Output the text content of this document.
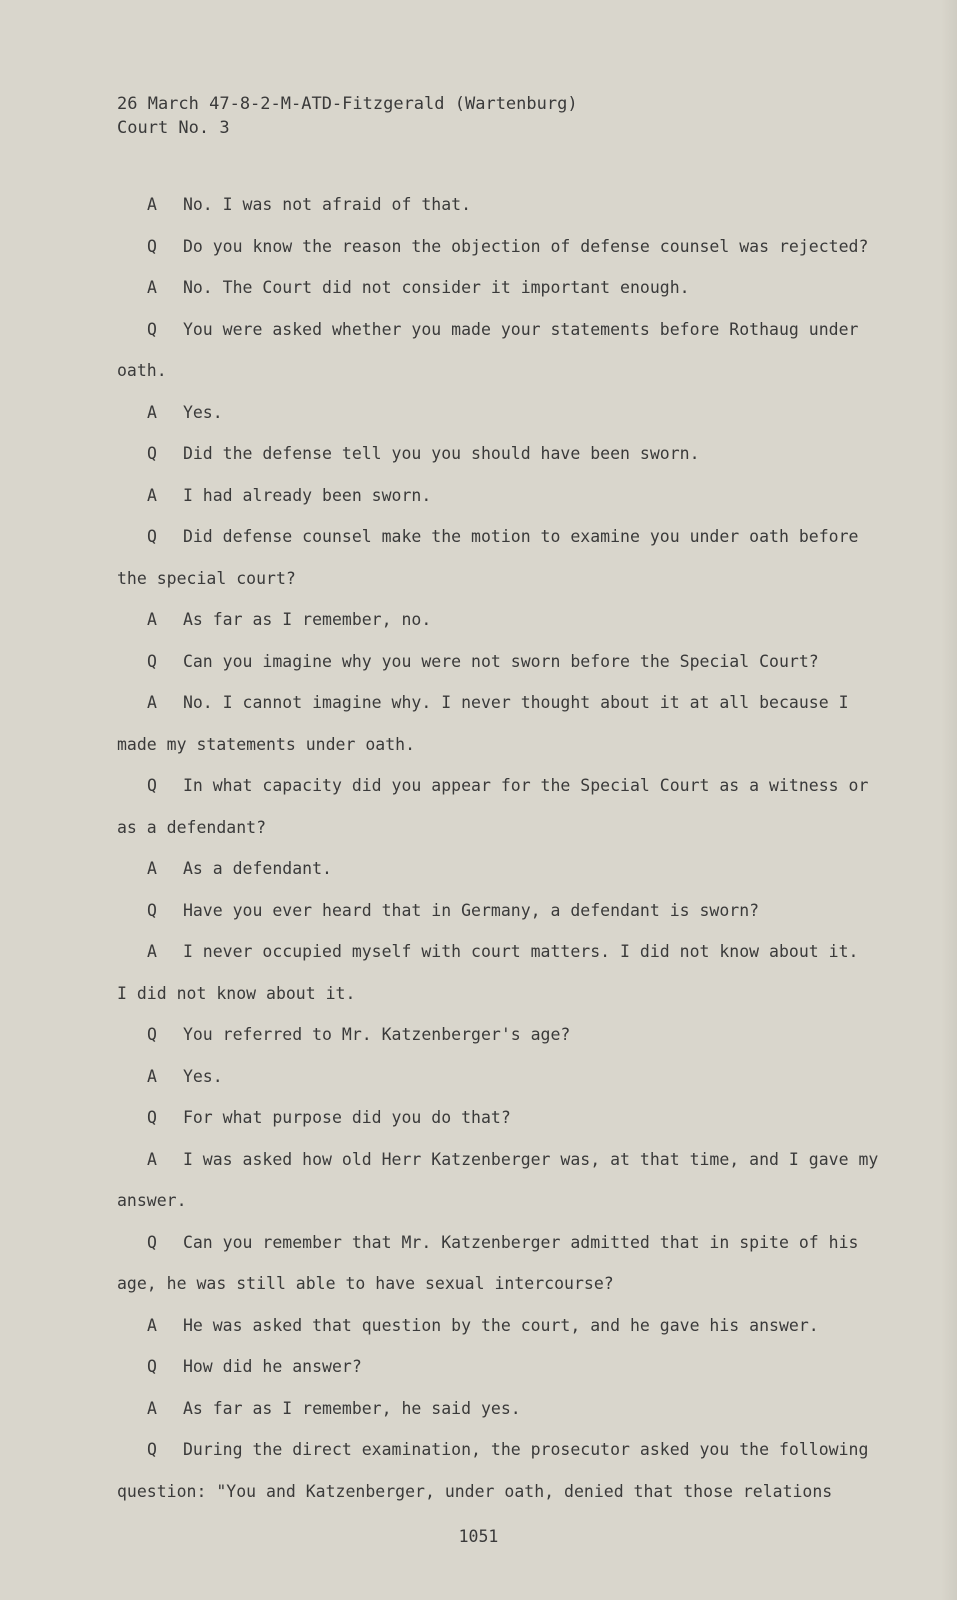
26 March 47-8-2-M-ATD-Fitzgerald (Wartenburg)
Court No. 3
A No. I was not afraid of that.
Q Do you know the reason the objection of defense counsel was rejected?
A No. The Court did not consider it important enough.
Q You were asked whether you made your statements before Rothaug under
oath.
A Yes.
Q Did the defense tell you you should have been sworn.
A I had already been sworn.
Q Did defense counsel make the motion to examine you under oath before
the special court?
A As far as I remember, no.
Q Can you imagine why you were not sworn before the Special Court?
A No. I cannot imagine why. I never thought about it at all because I
made my statements under oath.
Q In what capacity did you appear for the Special Court as a witness or
as a defendant?
A As a defendant.
Q Have you ever heard that in Germany, a defendant is sworn?
A I never occupied myself with court matters. I did not know about it.
I did not know about it.
Q You referred to Mr. Katzenberger's age?
A Yes.
Q For what purpose did you do that?
A I was asked how old Herr Katzenberger was, at that time, and I gave my
answer.
Q Can you remember that Mr. Katzenberger admitted that in spite of his
age, he was still able to have sexual intercourse?
A He was asked that question by the court, and he gave his answer.
Q How did he answer?
A As far as I remember, he said yes.
Q During the direct examination, the prosecutor asked you the following
question: "You and Katzenberger, under oath, denied that those relations
1051
